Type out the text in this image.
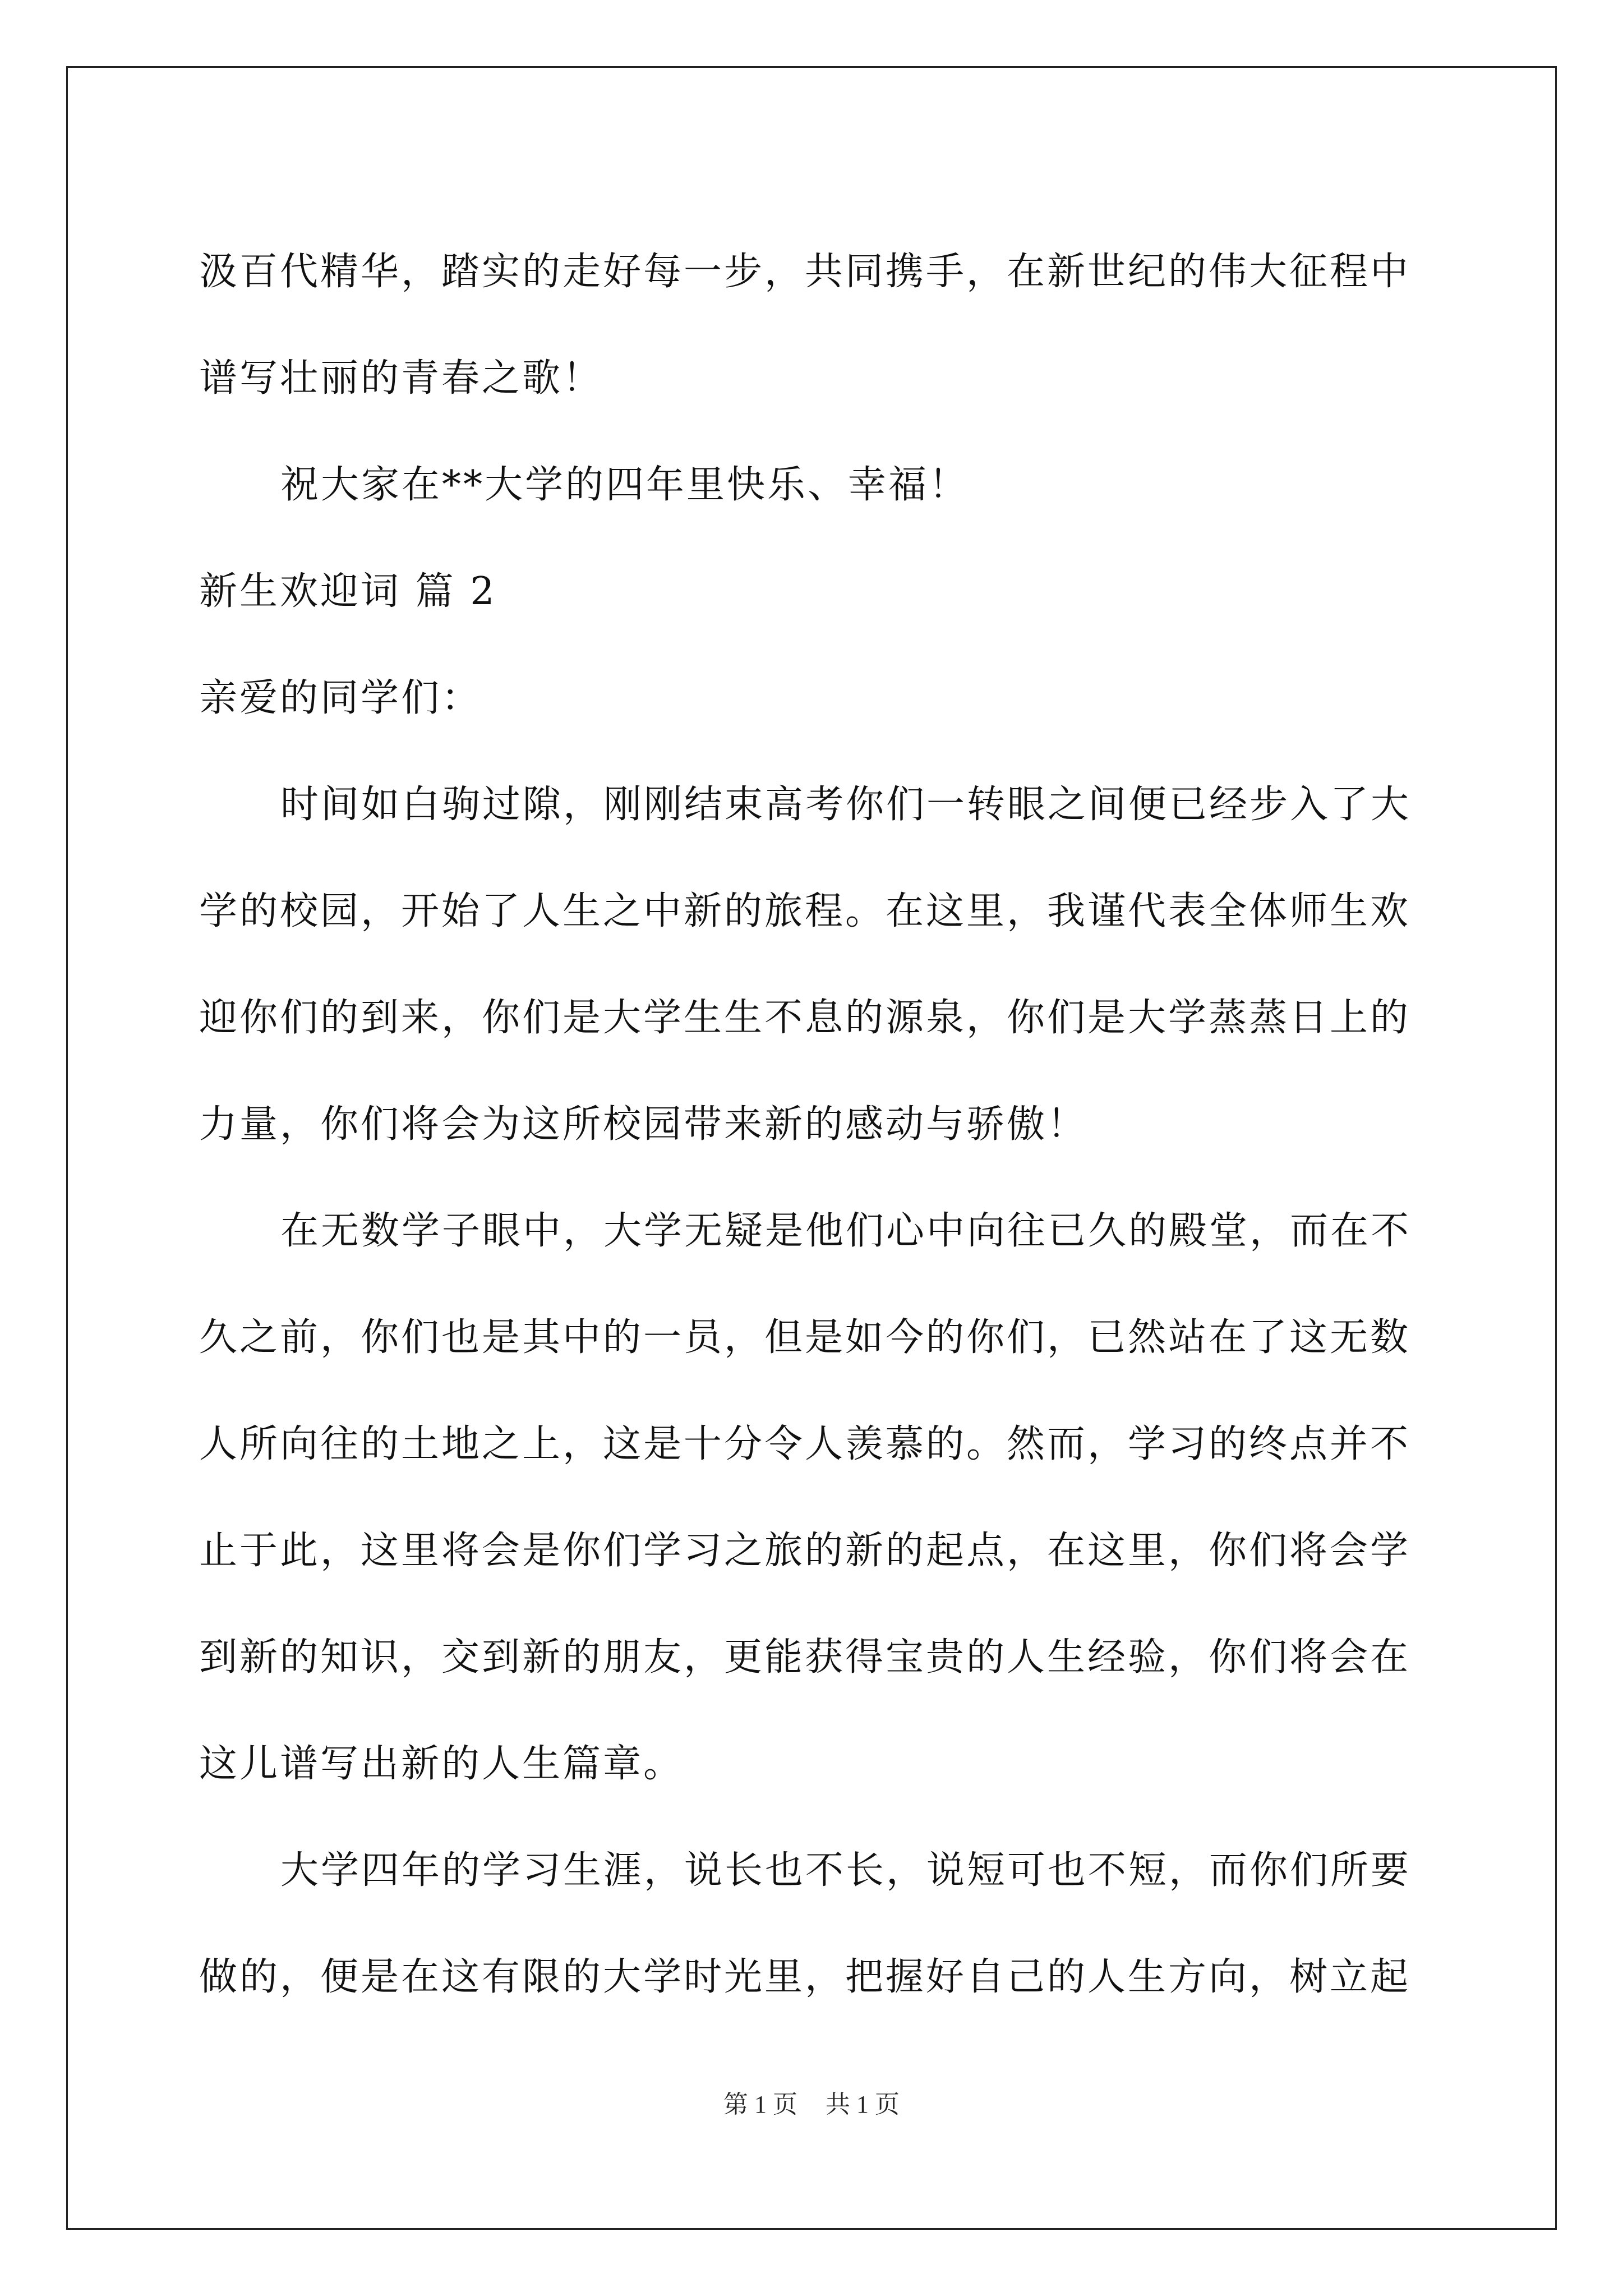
汲百代精华，踏实的走好每一步，共同携手，在新世纪的伟大征程中
谱写壮丽的青春之歌！
祝大家在**大学的四年里快乐、幸福！
新生欢迎词 篇 2
亲爱的同学们：
时间如白驹过隙，刚刚结束高考你们一转眼之间便已经步入了大
学的校园，开始了人生之中新的旅程。在这里，我谨代表全体师生欢
迎你们的到来，你们是大学生生不息的源泉，你们是大学蒸蒸日上的
力量，你们将会为这所校园带来新的感动与骄傲！
在无数学子眼中，大学无疑是他们心中向往已久的殿堂，而在不
久之前，你们也是其中的一员，但是如今的你们，已然站在了这无数
人所向往的土地之上，这是十分令人羡慕的。然而，学习的终点并不
止于此，这里将会是你们学习之旅的新的起点，在这里，你们将会学
到新的知识，交到新的朋友，更能获得宝贵的人生经验，你们将会在
这儿谱写出新的人生篇章。
大学四年的学习生涯，说长也不长，说短可也不短，而你们所要
做的，便是在这有限的大学时光里，把握好自己的人生方向，树立起
第 1 页 共 1 页
